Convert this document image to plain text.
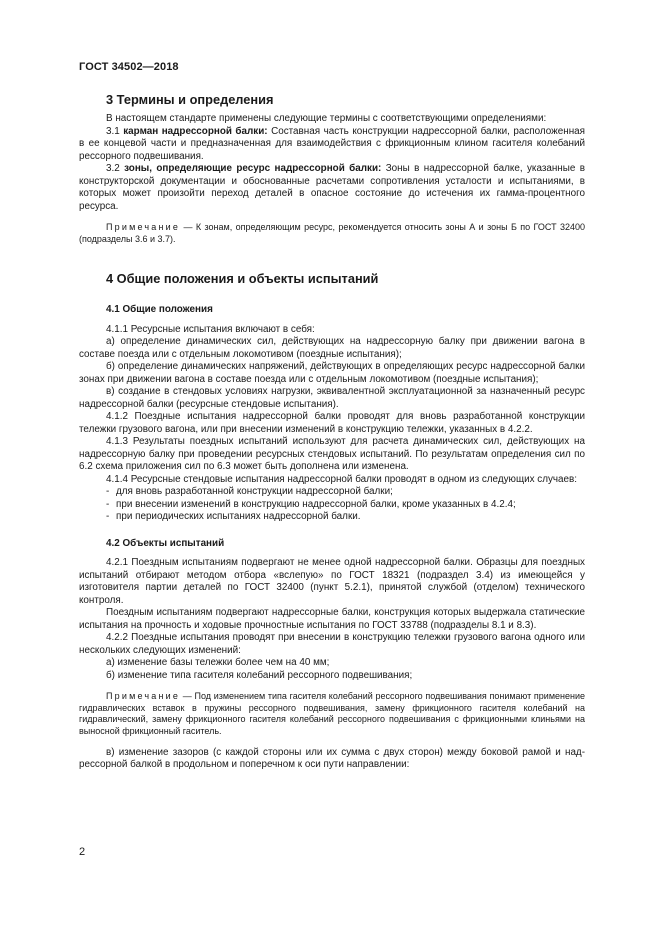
ГОСТ 34502—2018
3 Термины и определения

В настоящем стандарте применены следующие термины с соответствующими определениями:

3.1 карман надрессорной балки: Составная часть конструкции надрессорной балки, расположенная в ее концевой части и предназначенная для взаимодействия с фрикционным клином гасителя колебаний рессорного подвешивания.

3.2 зоны, определяющие ресурс надрессорной балки: Зоны в надрессорной балке, указанные в конструкторской документации и обоснованные расчетами сопротивления усталости и испытаниями, в которых может произойти переход деталей в опасное состояние до истечения их гамма-процентного ресурса.

Примечание — К зонам, определяющим ресурс, рекомендуется относить зоны А и зоны Б по ГОСТ 32400 (подразделы 3.6 и 3.7).
4 Общие положения и объекты испытаний
4.1 Общие положения

4.1.1 Ресурсные испытания включают в себя:

а) определение динамических сил, действующих на надрессорную балку при движении вагона в составе поезда или с отдельным локомотивом (поездные испытания);

б) определение динамических напряжений, действующих в определяющих ресурс надрессорной балки зонах при движении вагона в составе поезда или с отдельным локомотивом (поездные испытания);

в) создание в стендовых условиях нагрузки, эквивалентной эксплуатационной за назначенный ресурс надрессорной балки (ресурсные стендовые испытания).

4.1.2 Поездные испытания надрессорной балки проводят для вновь разработанной конструкции тележки грузового вагона, или при внесении изменений в конструкцию тележки, указанных в 4.2.2.

4.1.3 Результаты поездных испытаний используют для расчета динамических сил, действующих на надрессорную балку при проведении ресурсных стендовых испытаний. По результатам определения сил по 6.2 схема приложения сил по 6.3 может быть дополнена или изменена.

4.1.4 Ресурсные стендовые испытания надрессорной балки проводят в одном из следующих случаев:

- для вновь разработанной конструкции надрессорной балки;

- при внесении изменений в конструкцию надрессорной балки, кроме указанных в 4.2.4;

- при периодических испытаниях надрессорной балки.

4.2 Объекты испытаний

4.2.1 Поездным испытаниям подвергают не менее одной надрессорной балки. Образцы для поездных испытаний отбирают методом отбора «вслепую» по ГОСТ 18321 (подраздел 3.4) из имеющейся у изготовителя партии деталей по ГОСТ 32400 (пункт 5.2.1), принятой службой (отделом) технического контроля.

Поездным испытаниям подвергают надрессорные балки, конструкция которых выдержала статические испытания на прочность и ходовые прочностные испытания по ГОСТ 33788 (подразделы 8.1 и 8.3).

4.2.2 Поездные испытания проводят при внесении в конструкцию тележки грузового вагона одного или нескольких следующих изменений:

а) изменение базы тележки более чем на 40 мм;

б) изменение типа гасителя колебаний рессорного подвешивания;

Примечание — Под изменением типа гасителя колебаний рессорного подвешивания понимают применение гидравлических вставок в пружины рессорного подвешивания, замену фрикционного гасителя колебаний на гидравлический, замену фрикционного гасителя колебаний рессорного подвешивания с фрикционными клиньями на выносной фрикционный гаситель.

в) изменение зазоров (с каждой стороны или их сумма с двух сторон) между боковой рамой и надрессорной балкой в продольном и поперечном к оси пути направлении:

2
